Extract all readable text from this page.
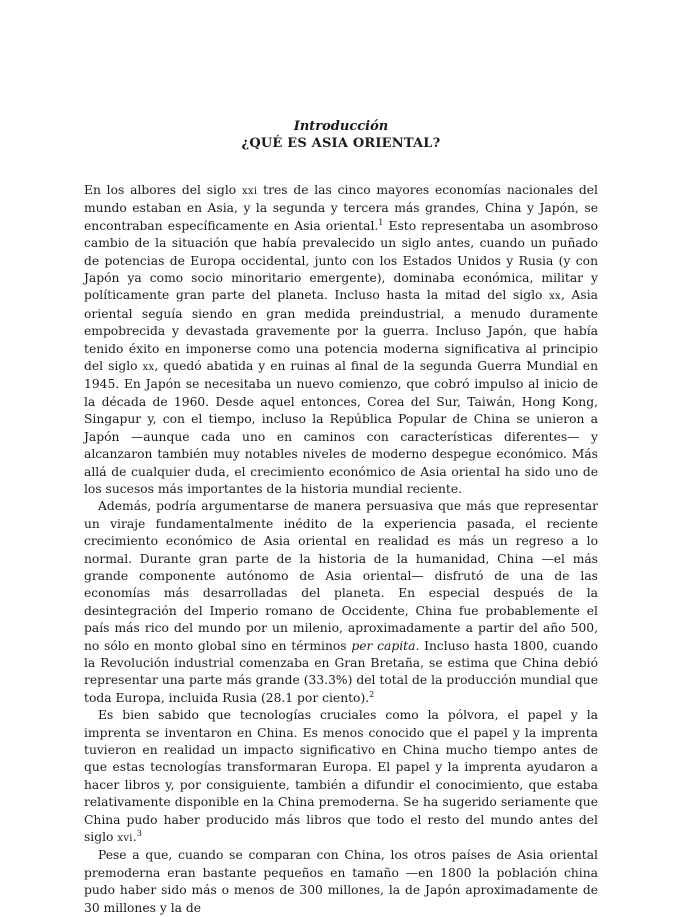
Introducción
¿QUÉ ES ASIA ORIENTAL?

En los albores del siglo xxi tres de las cinco mayores economías nacionales del mundo estaban en Asia, y la segunda y tercera más grandes, China y Japón, se encontraban específicamente en Asia oriental.$^1$ Esto representaba un asombroso cambio de la situación que había prevalecido un siglo antes, cuando un puñado de potencias de Europa occidental, junto con los Estados Unidos y Rusia (y con Japón ya como socio minoritario emergente), dominaba económica, militar y políticamente gran parte del planeta. Incluso hasta la mitad del siglo xx, Asia oriental seguía siendo en gran medida preindustrial, a menudo duramente empobrecida y devastada gravemente por la guerra. Incluso Japón, que había tenido éxito en imponerse como una potencia moderna significativa al principio del siglo xx, quedó abatida y en ruinas al final de la segunda Guerra Mundial en 1945. En Japón se necesitaba un nuevo comienzo, que cobró impulso al inicio de la década de 1960. Desde aquel entonces, Corea del Sur, Taiwán, Hong Kong, Singapur y, con el tiempo, incluso la República Popular de China se unieron a Japón —aunque cada uno en caminos con características diferentes— y alcanzaron también muy notables niveles de moderno despegue económico. Más allá de cualquier duda, el crecimiento económico de Asia oriental ha sido uno de los sucesos más importantes de la historia mundial reciente.

Además, podría argumentarse de manera persuasiva que más que representar un viraje fundamentalmente inédito de la experiencia pasada, el reciente crecimiento económico de Asia oriental en realidad es más un regreso a lo normal. Durante gran parte de la historia de la humanidad, China —el más grande componente autónomo de Asia oriental— disfrutó de una de las economías más desarrolladas del planeta. En especial después de la desintegración del Imperio romano de Occidente, China fue probablemente el país más rico del mundo por un milenio, aproximadamente a partir del año 500, no sólo en monto global sino en términos per capita. Incluso hasta 1800, cuando la Revolución industrial comenzaba en Gran Bretaña, se estima que China debió representar una parte más grande (33.3%) del total de la producción mundial que toda Europa, incluida Rusia (28.1 por ciento).$^2$

Es bien sabido que tecnologías cruciales como la pólvora, el papel y la imprenta se inventaron en China. Es menos conocido que el papel y la imprenta tuvieron en realidad un impacto significativo en China mucho tiempo antes de que estas tecnologías transformaran Europa. El papel y la imprenta ayudaron a hacer libros y, por consiguiente, también a difundir el conocimiento, que estaba relativamente disponible en la China premoderna. Se ha sugerido seriamente que China pudo haber producido más libros que todo el resto del mundo antes del siglo xvi.$^3$

Pese a que, cuando se comparan con China, los otros países de Asia oriental premoderna eran bastante pequeños en tamaño —en 1800 la población china pudo haber sido más o menos de 300 millones, la de Japón aproximadamente de 30 millones y la de
